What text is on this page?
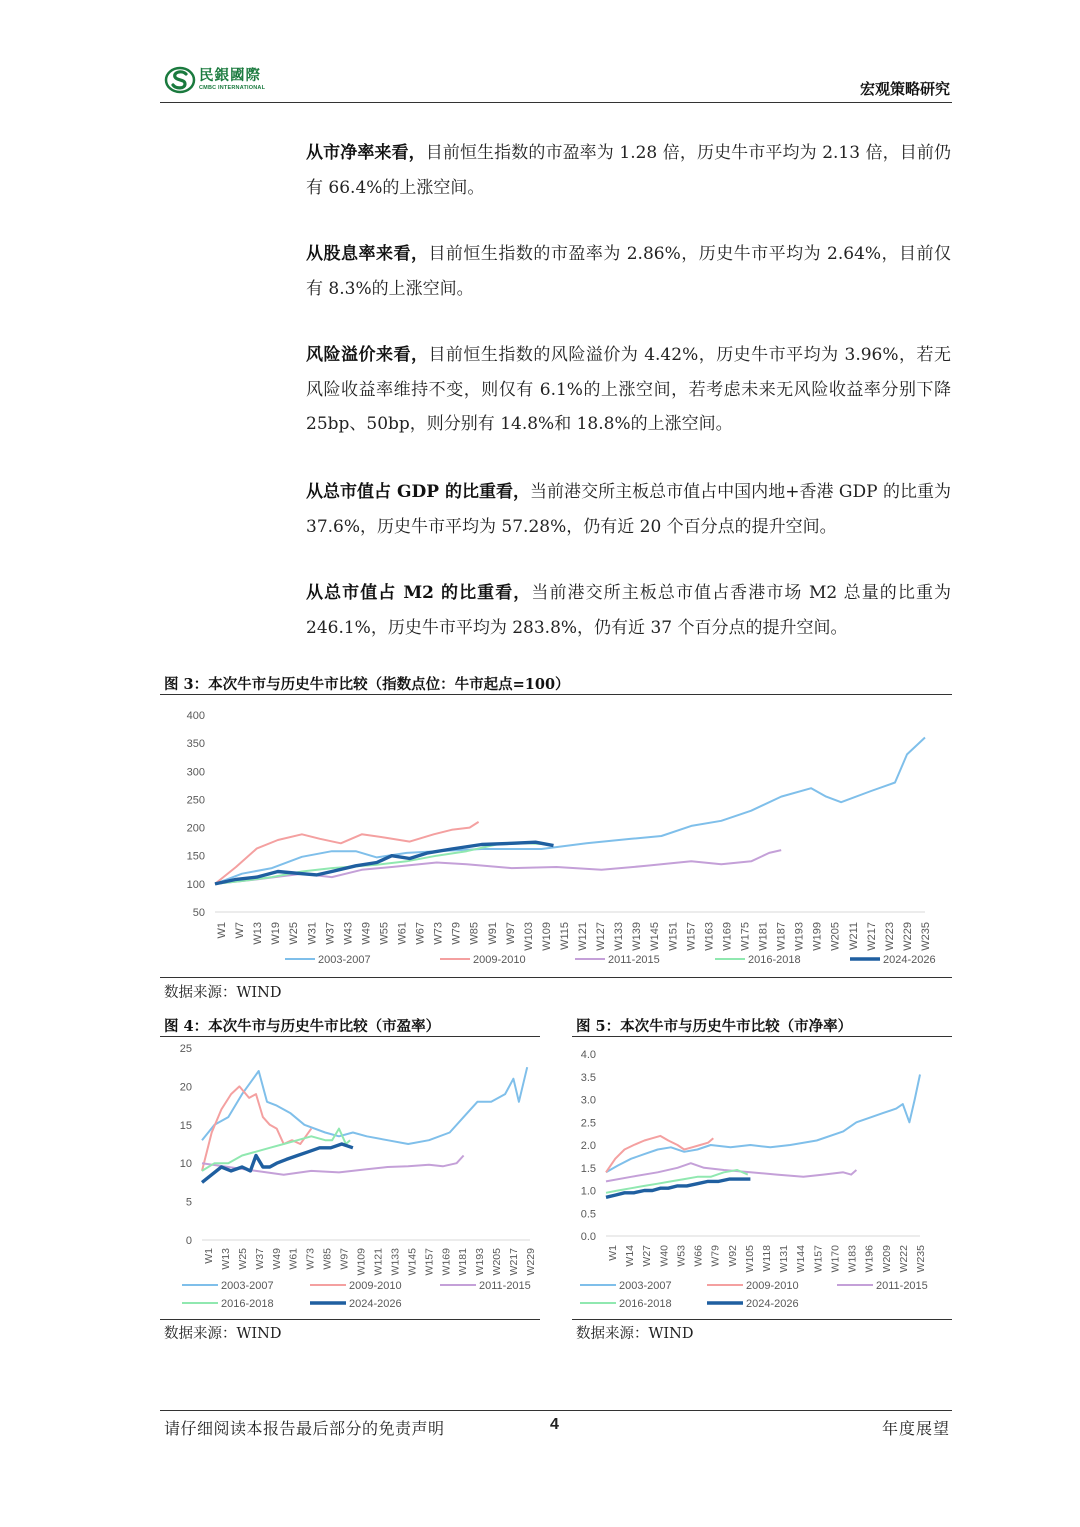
民銀國際
CMBC INTERNATIONAL	宏观策略研究
从市净率来看，目前恒生指数的市盈率为 1.28 倍，历史牛市平均为 2.13 倍，目前仍有 66.4%的上涨空间。
从股息率来看，目前恒生指数的市盈率为 2.86%，历史牛市平均为 2.64%，目前仅有 8.3%的上涨空间。
风险溢价来看，目前恒生指数的风险溢价为 4.42%，历史牛市平均为 3.96%，若无风险收益率维持不变，则仅有 6.1%的上涨空间，若考虑未来无风险收益率分别下降 25bp、50bp，则分别有 14.8%和 18.8%的上涨空间。
从总市值占 GDP 的比重看，当前港交所主板总市值占中国内地+香港 GDP 的比重为 37.6%，历史牛市平均为 57.28%，仍有近 20 个百分点的提升空间。
从总市值占 M2 的比重看，当前港交所主板总市值占香港市场 M2 总量的比重为 246.1%，历史牛市平均为 283.8%，仍有近 37 个百分点的提升空间。
图 3：本次牛市与历史牛市比较（指数点位：牛市起点=100）
50
100
150
200
250
300
350
400
W1 W7 W13 W19 W25 W31 W37 W43 W49 W55 W61 W67 W73 W79 W85 W91 W97 W103 W109 W115 W121 W127 W133 W139 W145 W151 W157 W163 W169 W175 W181 W187 W193 W199 W205 W211 W217 W223 W229 W235
2003-2007	2009-2010	2011-2015	2016-2018	2024-2026
数据来源：WIND
图 4：本次牛市与历史牛市比较（市盈率）
0
5
10
15
20
25
W1 W13 W25 W37 W49 W61 W73 W85 W97 W109 W121 W133 W145 W157 W169 W181 W193 W205 W217 W229
2003-2007	2009-2010	2011-2015
2016-2018	2024-2026
数据来源：WIND
图 5：本次牛市与历史牛市比较（市净率）
0.0
0.5
1.0
1.5
2.0
2.5
3.0
3.5
4.0
W1 W14 W27 W40 W53 W66 W79 W92 W105 W118 W131 W144 W157 W170 W183 W196 W209 W222 W235
2003-2007	2009-2010	2011-2015
2016-2018	2024-2026
数据来源：WIND
请仔细阅读本报告最后部分的免责声明	4	年度展望
